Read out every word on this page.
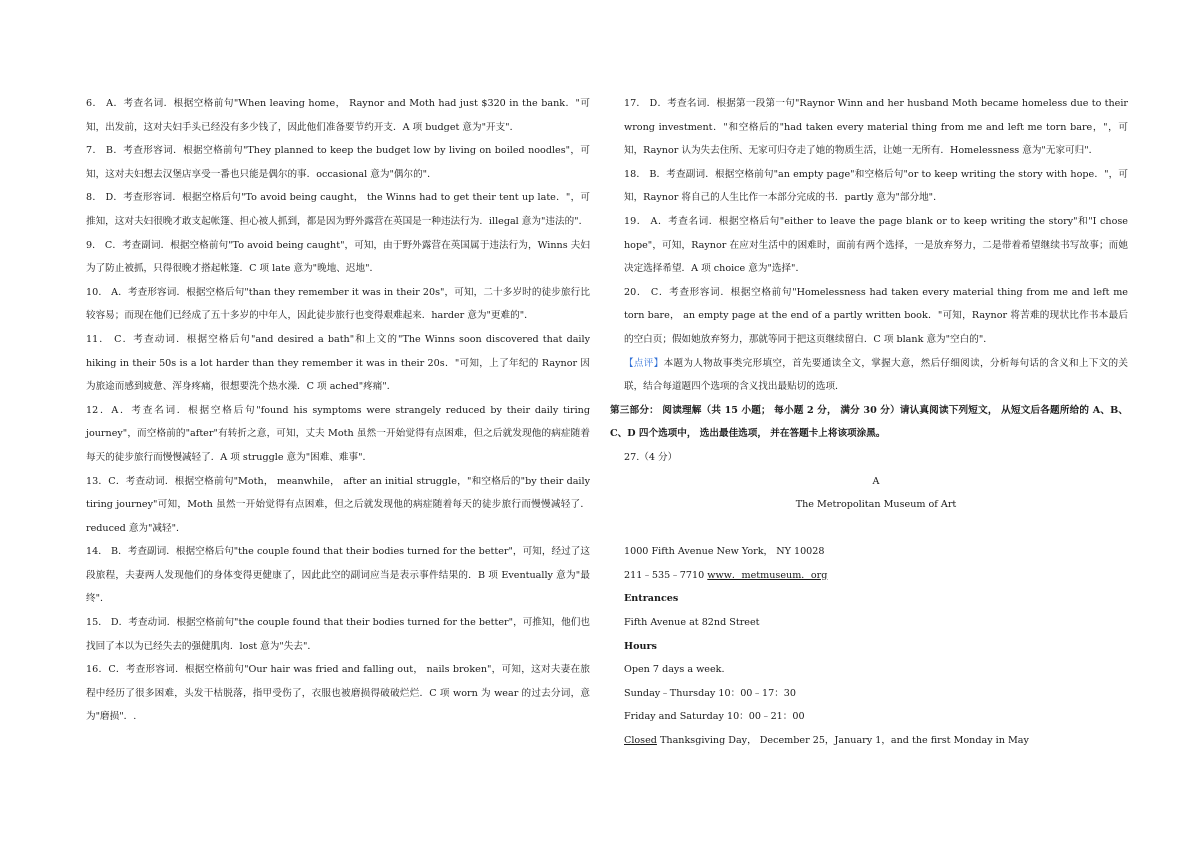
6． A．考查名词．根据空格前句"When leaving home， Raynor and Moth had just $320 in the bank．"可知，出发前，这对夫妇手头已经没有多少钱了，因此他们准备要节约开支．A 项 budget 意为"开支"．

7． B．考查形容词．根据空格前句"They planned to keep the budget low by living on boiled noodles"，可知，这对夫妇想去汉堡店享受一番也只能是偶尔的事．occasional 意为"偶尔的"．

8． D．考查形容词．根据空格后句"To avoid being caught， the Winns had to get their tent up late．"，可推知，这对夫妇很晚才敢支起帐篷、担心被人抓到，都是因为野外露营在英国是一种违法行为．illegal 意为"违法的"．

9． C．考查副词．根据空格前句"To avoid being caught"，可知，由于野外露营在英国属于违法行为，Winns 夫妇为了防止被抓，只得很晚才搭起帐篷．C 项 late 意为"晚地、迟地"．

10． A．考查形容词．根据空格后句"than they remember it was in their 20s"，可知，二十多岁时的徒步旅行比较容易；而现在他们已经成了五十多岁的中年人，因此徒步旅行也变得艰难起来．harder 意为"更难的"．

11． C．考查动词．根据空格后句"and desired a bath"和上文的"The Winns soon discovered that daily hiking in their 50s is a lot harder than they remember it was in their 20s．"可知，上了年纪的 Raynor 因为旅途而感到疲惫、浑身疼痛，很想要洗个热水澡．C 项 ached"疼痛"．

12．A．考查名词．根据空格后句"found his symptoms were strangely reduced by their daily tiring journey"，而空格前的"after"有转折之意，可知，丈夫 Moth 虽然一开始觉得有点困难，但之后就发现他的病症随着每天的徒步旅行而慢慢减轻了．A 项 struggle 意为"困难、难事"．

13．C．考查动词．根据空格前句"Moth， meanwhile， after an initial struggle，"和空格后的"by their daily tiring journey"可知，Moth 虽然一开始觉得有点困难，但之后就发现他的病症随着每天的徒步旅行而慢慢减轻了．reduced 意为"减轻"．

14． B．考查副词．根据空格后句"the couple found that their bodies turned for the better"，可知，经过了这段旅程，夫妻两人发现他们的身体变得更健康了，因此此空的副词应当是表示事件结果的．B 项 Eventually 意为"最终"．

15． D．考查动词．根据空格前句"the couple found that their bodies turned for the better"，可推知，他们也找回了本以为已经失去的强健肌肉．lost 意为"失去"．

16．C．考查形容词．根据空格前句"Our hair was fried and falling out， nails broken"，可知，这对夫妻在旅程中经历了很多困难，头发干枯脱落，指甲受伤了，衣服也被磨损得破破烂烂．C 项 worn 为 wear 的过去分词，意为"磨损"．.

17． D．考查名词．根据第一段第一句"Raynor Winn and her husband Moth became homeless due to their wrong investment．"和空格后的"had taken every material thing from me and left me torn bare，"，可知，Raynor 认为失去住所、无家可归夺走了她的物质生活，让她一无所有．Homelessness 意为"无家可归"．

18． B．考查副词．根据空格前句"an empty page"和空格后句"or to keep writing the story with hope．"，可知，Raynor 将自己的人生比作一本部分完成的书．partly 意为"部分地"．

19． A．考查名词．根据空格后句"either to leave the page blank or to keep writing the story"和"I chose hope"，可知，Raynor 在应对生活中的困难时，面前有两个选择，一是放弃努力，二是带着希望继续书写故事；而她决定选择希望．A 项 choice 意为"选择"．

20． C．考查形容词．根据空格前句"Homelessness had taken every material thing from me and left me torn bare， an empty page at the end of a partly written book．"可知，Raynor 将苦难的现状比作书本最后的空白页；假如她放弃努力，那就等同于把这页继续留白．C 项 blank 意为"空白的"．

【点评】本题为人物故事类完形填空，首先要通读全文，掌握大意，然后仔细阅读，分析每句话的含义和上下文的关联，结合每道题四个选项的含义找出最贴切的选项．

第三部分： 阅读理解（共 15 小题； 每小题 2 分， 满分 30 分）请认真阅读下列短文， 从短文后各题所给的 A、B、C、D 四个选项中， 选出最佳选项， 并在答题卡上将该项涂黑。

27.（4 分）

A

The Metropolitan Museum of Art

1000 Fifth Avenue New York， NY 10028

211﹣535﹣7710 www．metmuseum．org

Entrances

Fifth Avenue at 82nd Street

Hours

Open 7 days a week.

Sunday﹣Thursday 10：00﹣17：30

Friday and Saturday 10：00﹣21：00

Closed Thanksgiving Day， December 25，January 1，and the first Monday in May
